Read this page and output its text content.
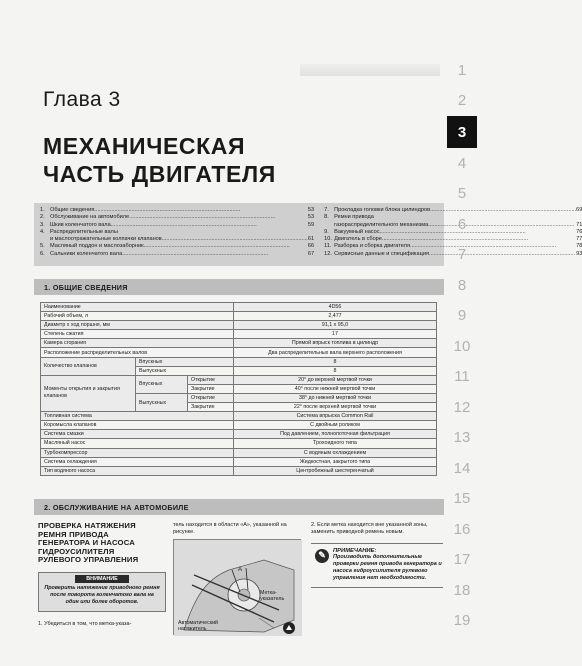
Глава 3
МЕХАНИЧЕСКАЯ
ЧАСТЬ ДВИГАТЕЛЯ
1. Общие сведения .....	53
2. Обслуживание на автомобиле .....	53
3. Шкив коленчатого вала .....	59
4. Распределительные валы
и маслоотражательные колпачки клапанов .....	61
5. Масляный поддон и маслозаборник .....	66
6. Сальники коленчатого вала .....	67
7. Прокладка головки блока цилиндров .....	69
8. Ремни привода
газораспределительного механизма .....	71
9. Вакуумный насос .....	76
10. Двигатель в сборе .....	77
11. Разборка и сборка двигателя .....	78
12. Сервисные данные и спецификация .....	93
1. ОБЩИЕ СВЕДЕНИЯ
Наименование			4D56
Рабочий объем, л			2,477
Диаметр х ход поршня, мм			91,1 х 95,0
Степень сжатия			17
Камера сгорания			Прямой впрыск топлива в цилиндр
Расположение распределительных валов			Два распределительных вала верхнего расположения
Количество клапанов	Впускных		8
	Выпускных		8
Моменты открытия и закрытия клапанов	Впускных	Открытие	20° до верхней мертвой точки
		Закрытие	40° после нижней мертвой точки
	Выпускных	Открытие	38° до нижней мертвой точки
		Закрытие	22° после верхней мертвой точки
Топливная система			Система впрыска Common Rail
Коромысла клапанов			С двойным роликом
Система смазки			Под давлением, полнопоточная фильтрация
Масляный насос			Трохоидного типа
Турбокомпрессор			С водяным охлаждением
Система охлаждения			Жидкостная, закрытого типа
Тип водяного насоса			Центробежный шестеренчатый
2. ОБСЛУЖИВАНИЕ НА АВТОМОБИЛЕ
ПРОВЕРКА НАТЯЖЕНИЯ
РЕМНЯ ПРИВОДА
ГЕНЕРАТОРА И НАСОСА
ГИДРОУСИЛИТЕЛЯ
РУЛЕВОГО УПРАВЛЕНИЯ
ВНИМАНИЕ
Проверить натяжение приводного ремня после поворота коленчатого вала на один или более оборотов.
1. Убедиться в том, что метка-указа-
тель находится в области «А», указанной на рисунке.
A
Метка-
указатель
Автоматический
натяжитель
2. Если метка находится вне указанной зоны, заменить приводной ремень новым.
✎	ПРИМЕЧАНИЕ:
Производить дополнительные проверки ремня привода генератора и насоса гидроусилителя рулевого управления нет необходимости.
1
2
3
4
5
6
7
8
9
10
11
12
13
14
15
16
17
18
19
